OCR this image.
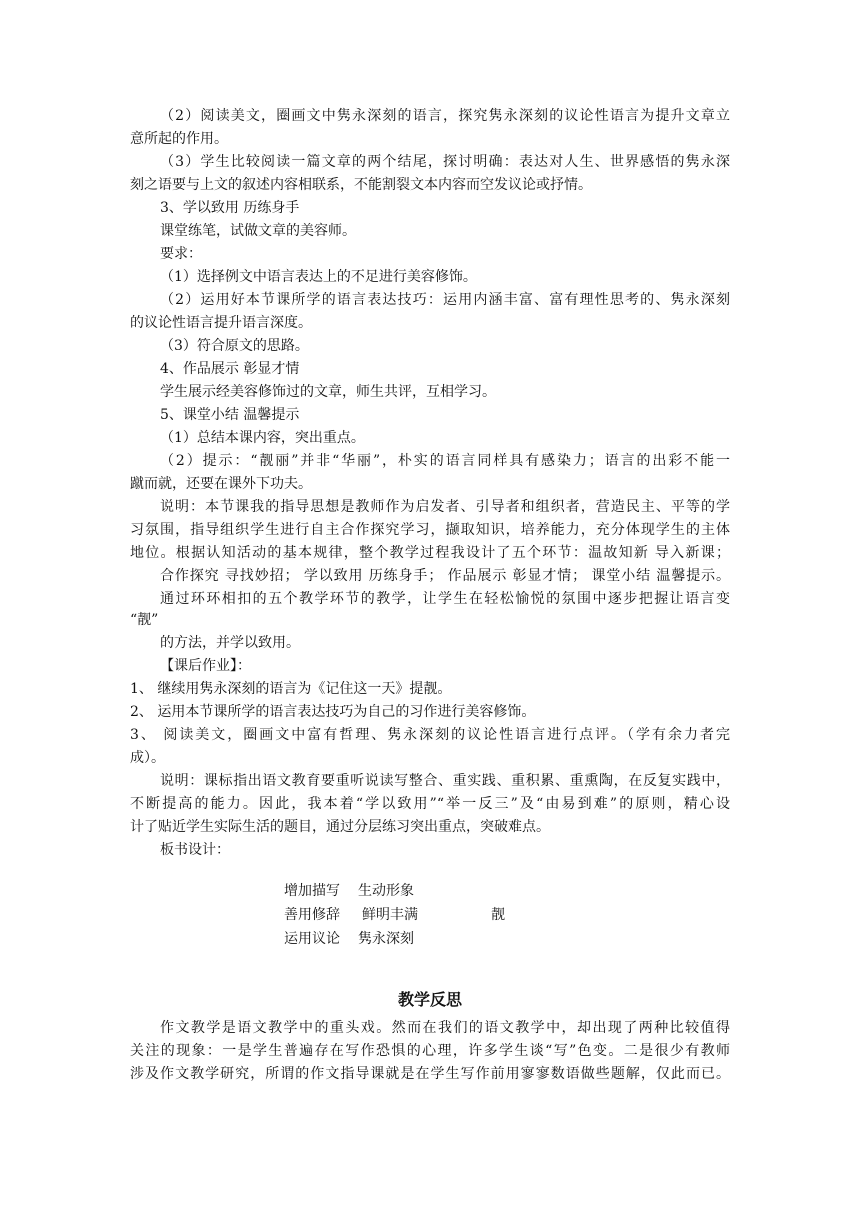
（2）阅读美文，圈画文中隽永深刻的语言，探究隽永深刻的议论性语言为提升文章立
意所起的作用。
（3）学生比较阅读一篇文章的两个结尾，探讨明确：表达对人生、世界感悟的隽永深
刻之语要与上文的叙述内容相联系，不能割裂文本内容而空发议论或抒情。
3、学以致用 历练身手
课堂练笔，试做文章的美容师。
要求：
（1）选择例文中语言表达上的不足进行美容修饰。
（2）运用好本节课所学的语言表达技巧：运用内涵丰富、富有理性思考的、隽永深刻
的议论性语言提升语言深度。
（3）符合原文的思路。
4、作品展示 彰显才情
学生展示经美容修饰过的文章，师生共评，互相学习。
5、课堂小结 温馨提示
（1）总结本课内容，突出重点。
（2）提示：“靓丽”并非“华丽”，朴实的语言同样具有感染力；语言的出彩不能一
蹴而就，还要在课外下功夫。
说明：本节课我的指导思想是教师作为启发者、引导者和组织者，营造民主、平等的学
习氛围，指导组织学生进行自主合作探究学习，撷取知识，培养能力，充分体现学生的主体
地位。根据认知活动的基本规律，整个教学过程我设计了五个环节：温故知新 导入新课；
合作探究 寻找妙招； 学以致用 历练身手； 作品展示 彰显才情； 课堂小结 温馨提示。
通过环环相扣的五个教学环节的教学，让学生在轻松愉悦的氛围中逐步把握让语言变
“靓”
的方法，并学以致用。
【课后作业】：
1、 继续用隽永深刻的语言为《记住这一天》提靓。
2、 运用本节课所学的语言表达技巧为自己的习作进行美容修饰。
3、 阅读美文，圈画文中富有哲理、隽永深刻的议论性语言进行点评。（学有余力者完
成）。
说明：课标指出语文教育要重听说读写整合、重实践、重积累、重熏陶，在反复实践中，
不断提高的能力。因此，我本着“学以致用”“举一反三”及“由易到难”的原则，精心设
计了贴近学生实际生活的题目，通过分层练习突出重点，突破难点。
板书设计：
增加描写 生动形象
善用修辞 鲜明丰满	靓
运用议论 隽永深刻
教学反思
作文教学是语文教学中的重头戏。然而在我们的语文教学中，却出现了两种比较值得
关注的现象：一是学生普遍存在写作恐惧的心理，许多学生谈“写”色变。二是很少有教师
涉及作文教学研究，所谓的作文指导课就是在学生写作前用寥寥数语做些题解，仅此而已。
